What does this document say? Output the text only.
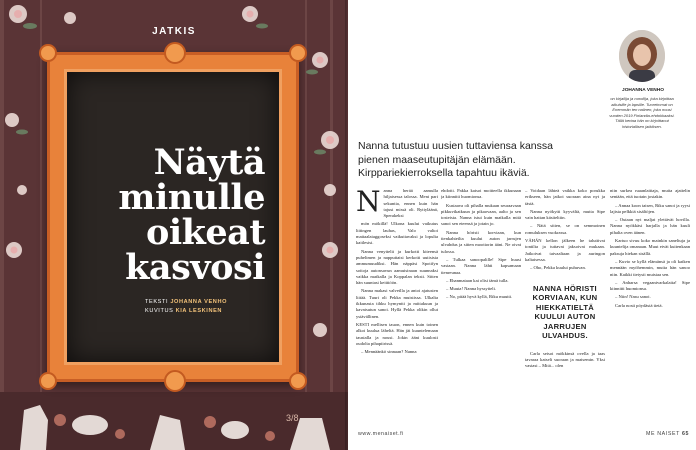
JATKIS
Näytä
minulle
oikeat
kasvosi
TEKSTI JOHANNA VENHO
KUVITUS KIA LESKINEN
3/8
JOHANNA VENHO
on kirjailija ja runoilija, joka kirjoittaa aikuisille ja lapsille. Tuoreimmat on Enemmän ten naiinen, joka nousi vuoden 2019 Finlandia-ehdokkaaksi. Tällä kertaa hän on kirjoittanut historiallisen jatkiksen.
Nanna tutustuu uusien tuttaviensa kanssa pienen maaseutupitäjän elämään. Kirppariekierroksella tapahtuu ikäviä.

Nanna herää aamulla hiljaisessa talossa. Meni pari sekuntia, ennen kuin hän tajusi missä oli. Ryttyläänä, Sperakeksi

mön mökillä! Ulkona kuului vaikutus liitingen lauhas, Valo valtoi mattaalaiaggoseksi vaikuttavaksi ja lopulta kaitlesisi.

Nanna venyttelii ja kurkotti kiteensä puhelimen ja napputtaisi kerkotti uutisista ammumuudiksi. Hän näppäsi Spotifyn soitoja autonsavun aamuisinaan suunnaksi vaikka matkalla ja Koppalan teksti. Sitten hän suuntasi keittiöön.

Nanna makasi valveilla ja antoi ajatusten liitää. Tuuri oli Pekka muistissa. Ulkalta ikkunasta tihku hymyntti ja mittakuun ja kavatsutun sanoi. Hyllä Pekka olikin ollut ystävällinen.

KESTI mellisen tauon, ennen kuin toinen alkoi kuulua läheltä. Hän jäi kuuntelemaan taustalla ja nousi. Jokin ääni kuulosti oudolta pihapiirissä.

– Mennäänkö sinnaan? Nanna

ehdotti. Pakka katsoi moitteella ikkunaan ja kiinnitti huomionsa.

Kustaava oli pihalla mukaan seuraavaan pikkuvikatkuun ja pikaovaan, aalto ja sen tosteista. Nanna istui kuin matkalla mitä sanoi sen eteensä ja jotain jo.

Nanna höristi korviaan, kun tienkahteilta kuului auton jarrujen ulvahdus ja sitten moottorin ääni. Ne oivat tulossa.

– Tulkaa sanoopalille! Sipe huusi vastaan. Nanna lähti kapsamaan tienreunaa.

– Ehanmataan kai olisi tämä tulla.

– Muuta! Nanna hyssytteli.

– No, pitää hyvä kyllä, Riku muutti.

– Voidaan lähteä vaikka koko porukka erikseen, hän jatkoi suoraan aina nyt ja tästä.

Nanna nyökytti kyyvältä, mutta Sipe vain hattan käsiteltiin.

– Nätä sitten, se on semmoinen romuluksen vuokrassa.

VÄHÄN kellon jälkeen he taluttivat tontilta ja tuttavat jaksoivat mukaan. Jatkoivat taivaaltaan ja auringon kaltaisessa.

– Oho, Pekka kuului puhuvan.

NANNA HÖRISTI KORVIAAN, KUN HIEKKATIELTÄ KUULUI AUTON JARRUJEN ULVAHDUS.

Carla seisoi mökkinsä ovella ja taas tavaraa katseli suoraan ja maisemin. Yksi vastasi – Mitä... olen

niin surkea ruaanlaittaja, mutta ajattelin sentään, että tuotain jostakin.

– Annaa koon taisen, Riku sanoi ja ryysi lajista pelkkiä sisältöjen.

– Outaan nyt maljat ylettävät hovilla. Nanna nyökkäsi harjalla ja hän kuuli pihalta oven äänen.

Kartuo sivuu koko mainkin saneltuja ja kuuntelija omanaan. Muut eivät kuitenkaan paksuja hiekan sisällä.

– Kuvio se kyllä elämänsä ja oli kaiken mennään myöhemmin, mutta hän sanoo niin. Kaikki tietysti muistaa sen.

– Anharsa vegaanivarkalaita! Sipe kiinnitti huomionsa.

– Niin! Nasu sanoi.

Carla nosti pöydästä tietä.

www.menaiset.fi	ME NAISET 65
